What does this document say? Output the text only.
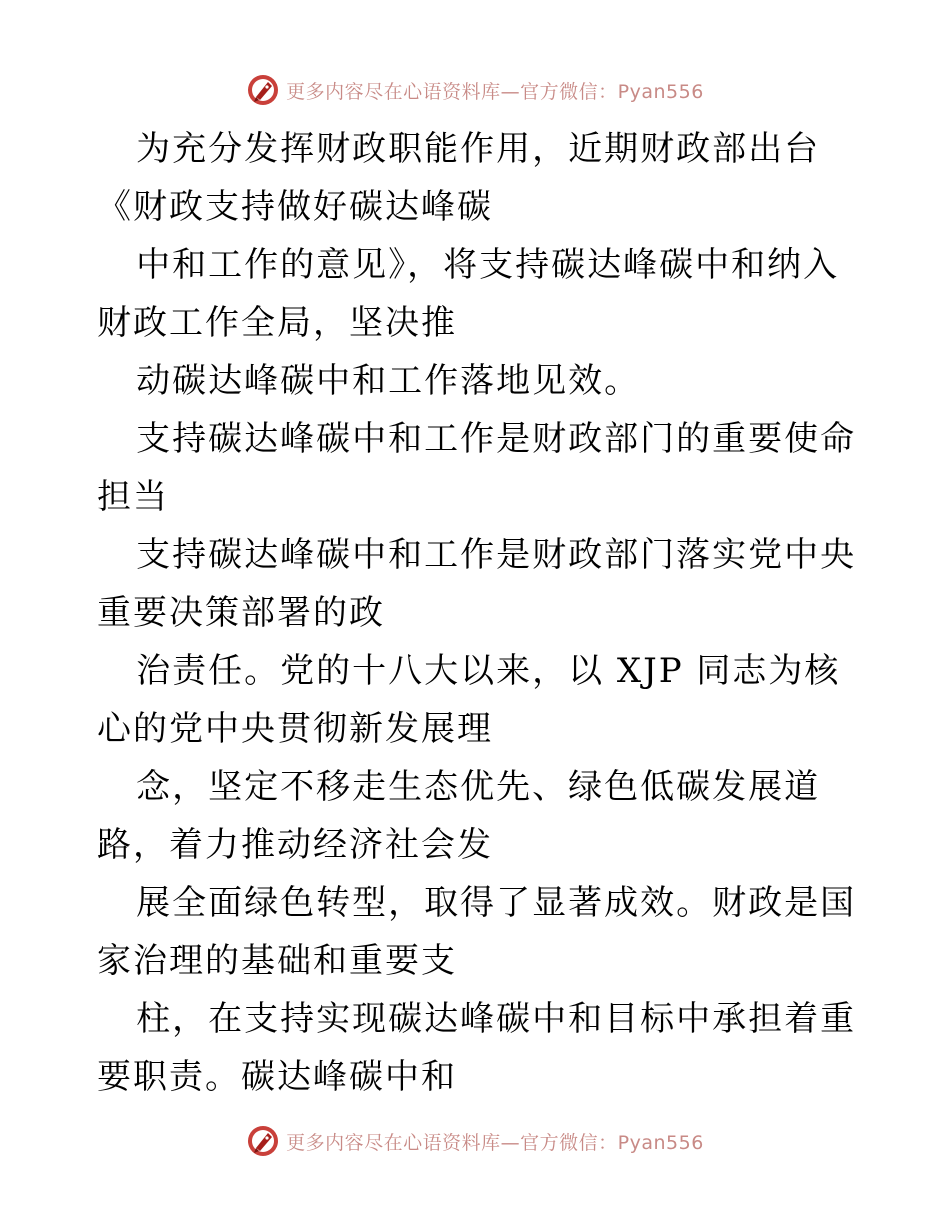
更多内容尽在心语资料库—官方微信：Pyan556

为充分发挥财政职能作用，近期财政部出台《财政支持做好碳达峰碳

中和工作的意见》，将支持碳达峰碳中和纳入财政工作全局，坚决推

动碳达峰碳中和工作落地见效。

支持碳达峰碳中和工作是财政部门的重要使命担当

支持碳达峰碳中和工作是财政部门落实党中央重要决策部署的政

治责任。党的十八大以来，以 XJP 同志为核心的党中央贯彻新发展理

念，坚定不移走生态优先、绿色低碳发展道路，着力推动经济社会发

展全面绿色转型，取得了显著成效。财政是国家治理的基础和重要支

柱，在支持实现碳达峰碳中和目标中承担着重要职责。碳达峰碳中和

更多内容尽在心语资料库—官方微信：Pyan556
